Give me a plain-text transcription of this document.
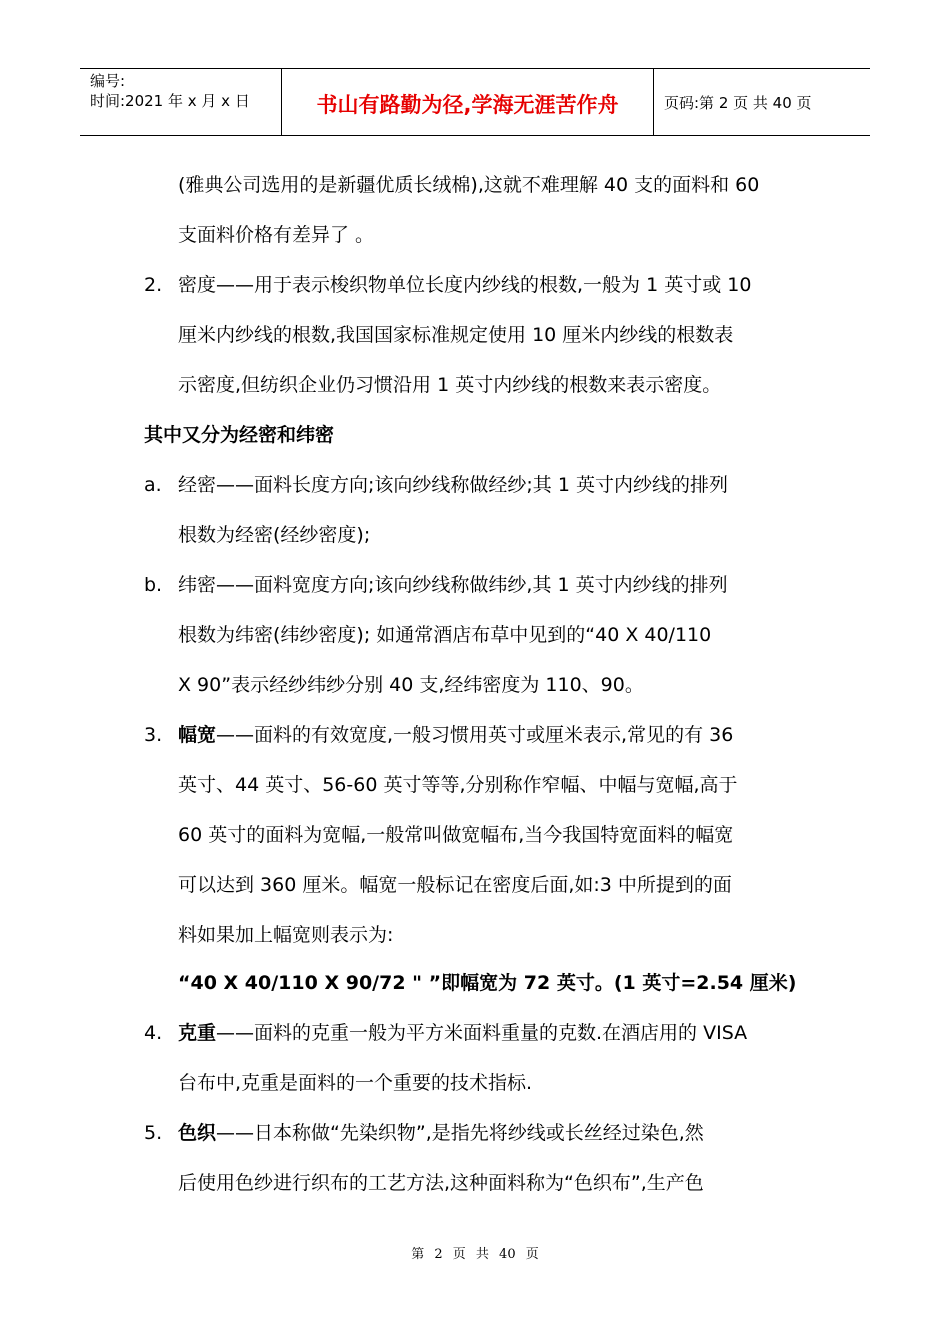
编号:
时间:2021 年 x 月 x 日	书山有路勤为径,学海无涯苦作舟	页码:第 2 页 共 40 页
(雅典公司选用的是新疆优质长绒棉),这就不难理解 40 支的面料和 60
支面料价格有差异了 。
2. 密度——用于表示梭织物单位长度内纱线的根数,一般为 1 英寸或 10
厘米内纱线的根数,我国国家标准规定使用 10 厘米内纱线的根数表
示密度,但纺织企业仍习惯沿用 1 英寸内纱线的根数来表示密度。
其中又分为经密和纬密
a. 经密——面料长度方向;该向纱线称做经纱;其 1 英寸内纱线的排列
根数为经密(经纱密度);
b. 纬密——面料宽度方向;该向纱线称做纬纱,其 1 英寸内纱线的排列
根数为纬密(纬纱密度); 如通常酒店布草中见到的“40 X 40/110
X 90”表示经纱纬纱分别 40 支,经纬密度为 110、90。
3. 幅宽——面料的有效宽度,一般习惯用英寸或厘米表示,常见的有 36
英寸、44 英寸、56-60 英寸等等,分别称作窄幅、中幅与宽幅,高于
60 英寸的面料为宽幅,一般常叫做宽幅布,当今我国特宽面料的幅宽
可以达到 360 厘米。幅宽一般标记在密度后面,如:3 中所提到的面
料如果加上幅宽则表示为:
“40 X 40/110 X 90/72 " ”即幅宽为 72 英寸。(1 英寸=2.54 厘米)
4. 克重——面料的克重一般为平方米面料重量的克数.在酒店用的 VISA
台布中,克重是面料的一个重要的技术指标.
5. 色织——日本称做“先染织物”,是指先将纱线或长丝经过染色,然
后使用色纱进行织布的工艺方法,这种面料称为“色织布”,生产色
第 2 页 共 40 页
